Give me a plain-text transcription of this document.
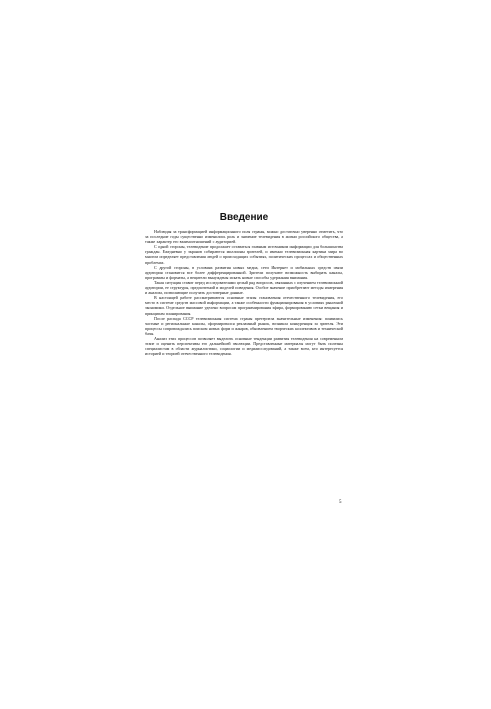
Введение

Наблюдая за трансформацией информационного поля страны, можно достаточно уверенно отметить, что за последние годы существенно изменились роль и значение телевидения в жизни российского общества, а также характер его взаимоотношений с аудиторией.

С одной стороны, телевидение продолжает оставаться главным источником информации для большинства граждан. Ежедневно у экранов собираются миллионы зрителей, и именно телевизионная картина мира во многом определяет представления людей о происходящих событиях, политических процессах и общественных проблемах.

С другой стороны, в условиях развития новых медиа, сети Интернет и мобильных средств связи аудитория становится все более дифференцированной. Зрители получают возможность выбирать каналы, программы и форматы, а вещатели вынуждены искать новые способы удержания внимания.

Такая ситуация ставит перед исследователями целый ряд вопросов, связанных с изучением телевизионной аудитории, ее структуры, предпочтений и моделей поведения. Особое значение приобретают методы измерения и анализа, позволяющие получать достоверные данные.

В настоящей работе рассматриваются основные этапы становления отечественного телевидения, его место в системе средств массовой информации, а также особенности функционирования в условиях рыночной экономики. Отдельное внимание уделено вопросам программирования эфира, формированию сетки вещания и принципам планирования.

После распада СССР телевизионная система страны претерпела значительные изменения: появились частные и региональные каналы, сформировался рекламный рынок, возникла конкуренция за зрителя. Эти процессы сопровождались поиском новых форм и жанров, обновлением творческих коллективов и технической базы.

Анализ этих процессов позволяет выделить основные тенденции развития телевидения на современном этапе и оценить перспективы его дальнейшей эволюции. Представленные материалы могут быть полезны специалистам в области журналистики, социологии и медиаисследований, а также всем, кто интересуется историей и теорией отечественного телевидения.

5
